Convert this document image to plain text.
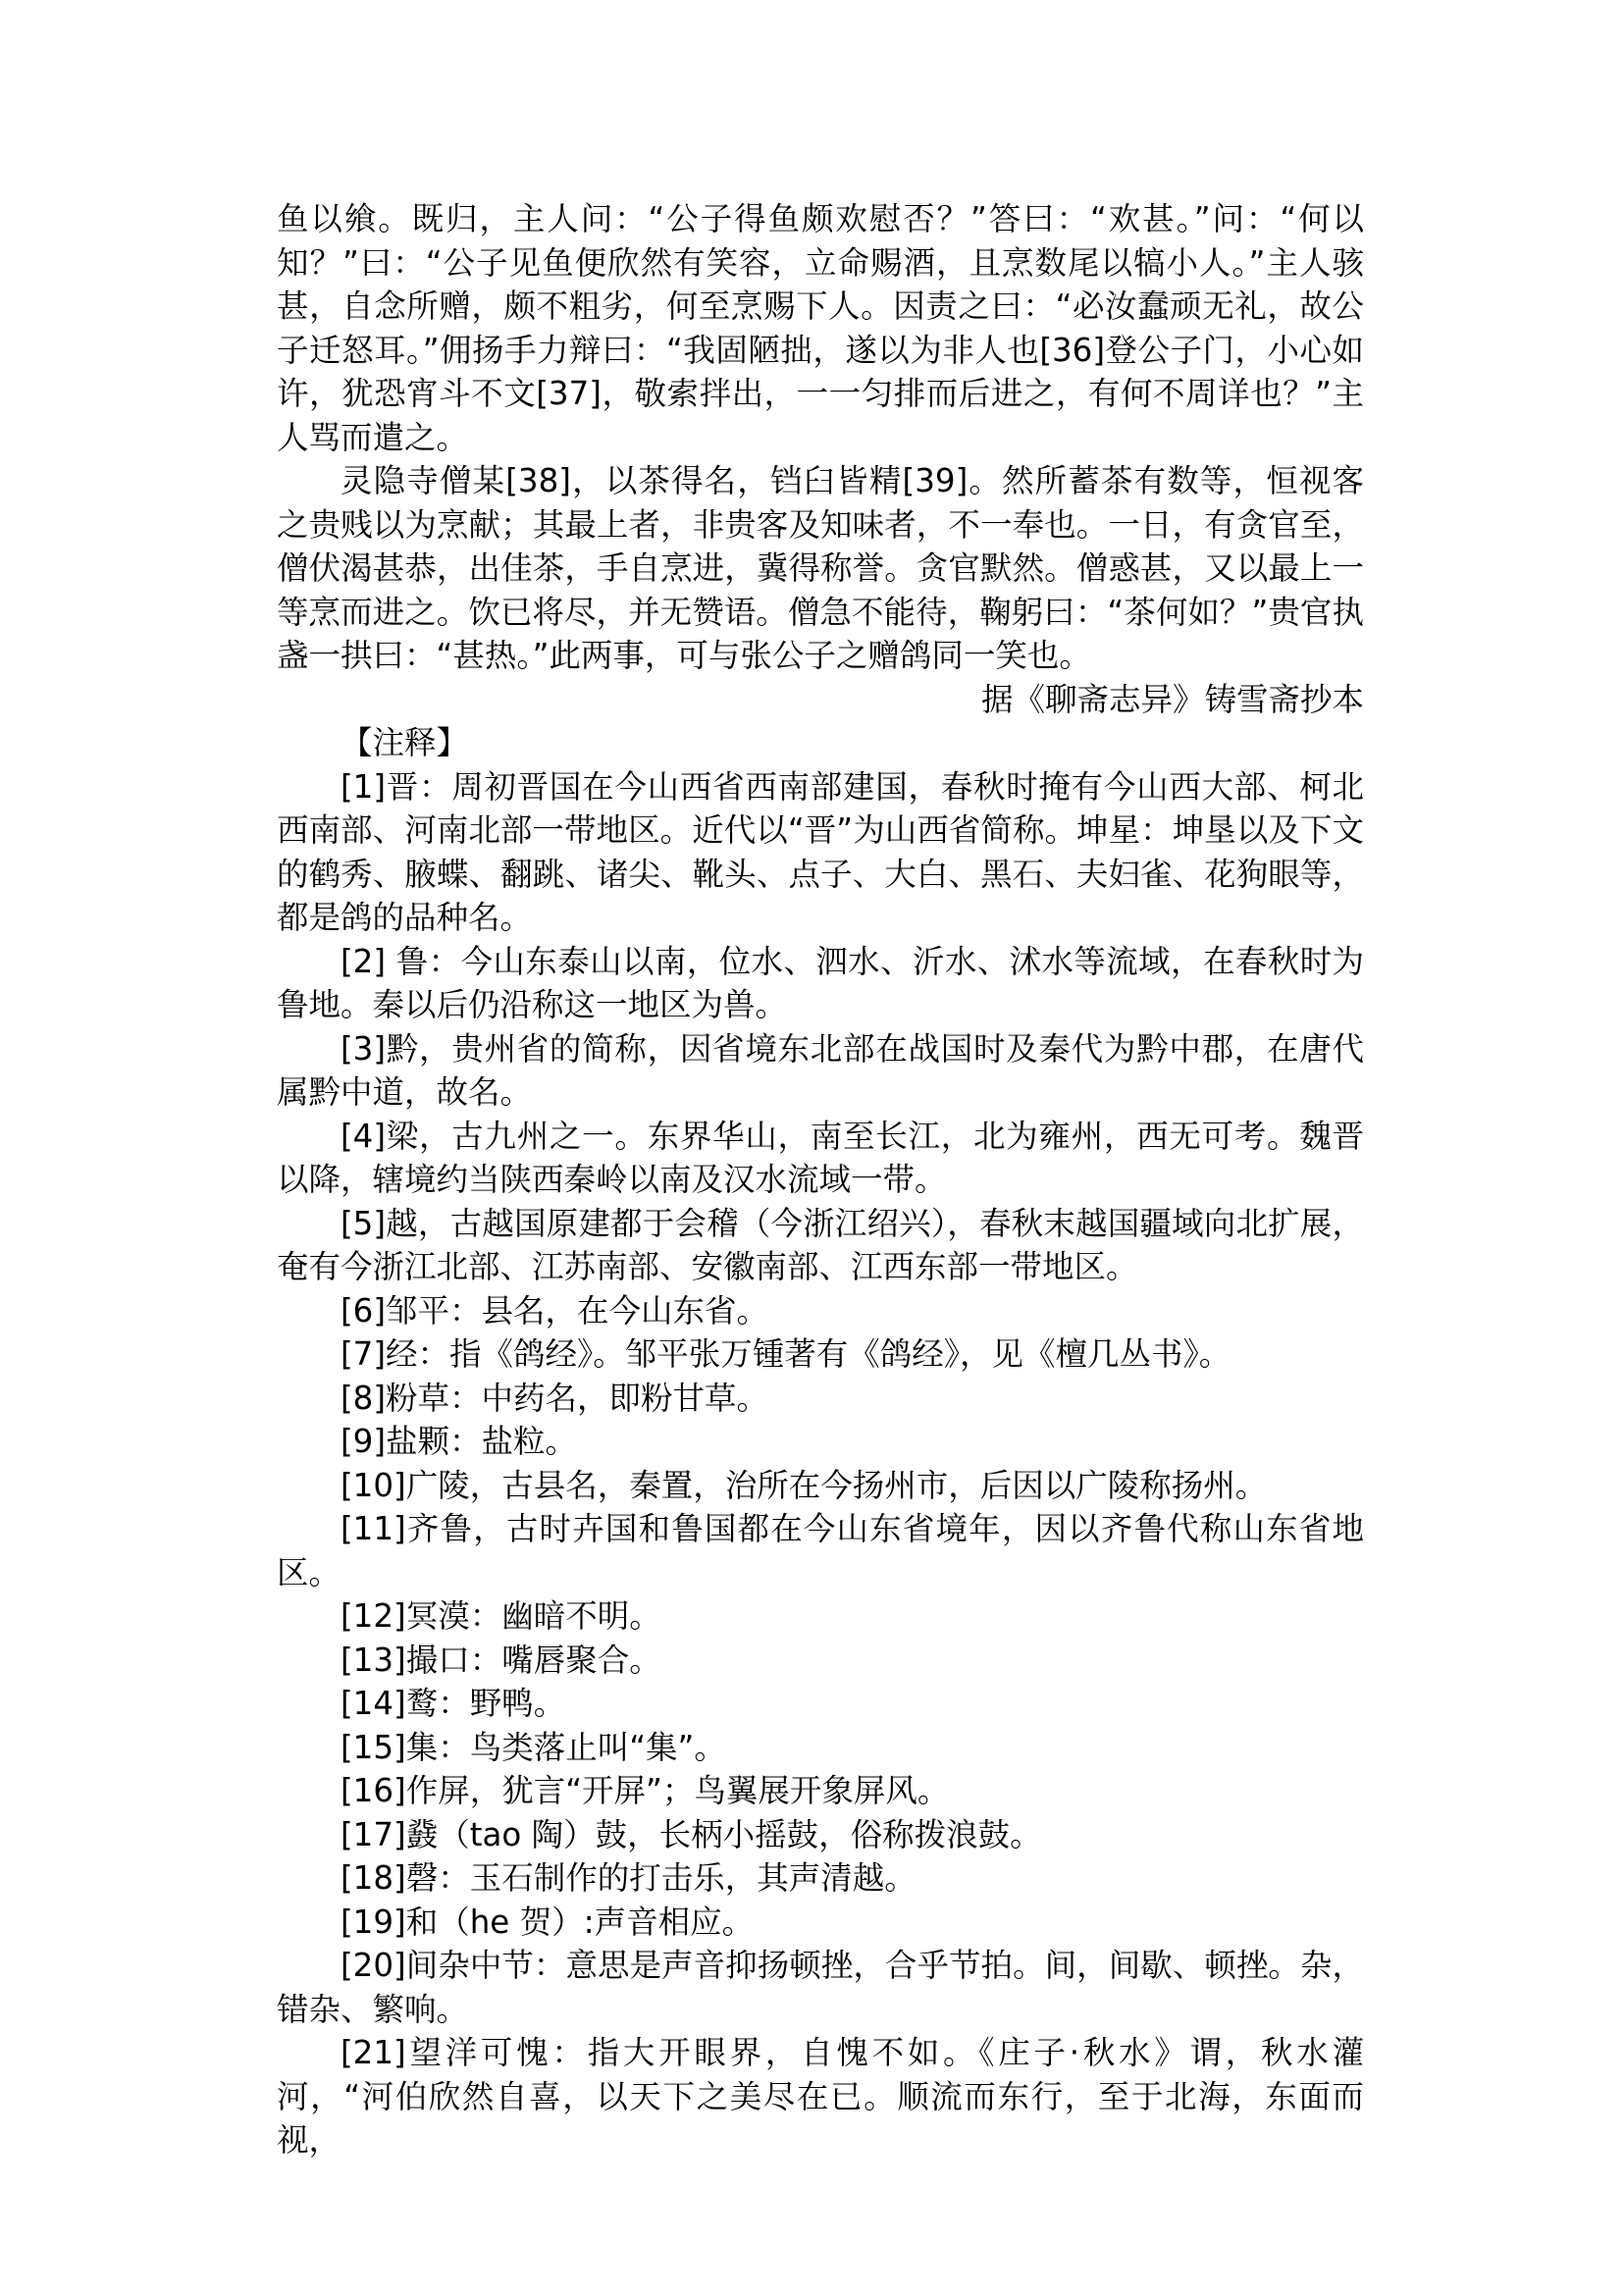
鱼以飨。既归，主人问：“公子得鱼颇欢慰否？”答曰：“欢甚。”问：“何以知？”曰：“公子见鱼便欣然有笑容，立命赐酒，且烹数尾以犒小人。”主人骇甚，自念所赠，颇不粗劣，何至烹赐下人。因责之曰：“必汝蠢顽无礼，故公子迁怒耳。”佣扬手力辩曰：“我固陋拙，遂以为非人也[36]登公子门，小心如许，犹恐宵斗不文[37]，敬索拌出，一一匀排而后进之，有何不周详也？”主人骂而遣之。

灵隐寺僧某[38]，以茶得名，铛臼皆精[39]。然所蓄茶有数等，恒视客之贵贱以为烹献；其最上者，非贵客及知味者，不一奉也。一日，有贪官至，僧伏渴甚恭，出佳茶，手自烹进，冀得称誉。贪官默然。僧惑甚，又以最上一等烹而进之。饮已将尽，并无赞语。僧急不能待，鞠躬曰：“茶何如？”贵官执盏一拱曰：“甚热。”此两事，可与张公子之赠鸽同一笑也。

据《聊斋志异》铸雪斋抄本

【注释】

[1]晋：周初晋国在今山西省西南部建国，春秋时掩有今山西大部、柯北西南部、河南北部一带地区。近代以“晋”为山西省简称。坤星：坤垦以及下文的鹤秀、腋蝶、翻跳、诸尖、靴头、点子、大白、黑石、夫妇雀、花狗眼等，都是鸽的品种名。

[2] 鲁：今山东泰山以南，位水、泗水、沂水、沭水等流域，在春秋时为鲁地。秦以后仍沿称这一地区为兽。

[3]黔，贵州省的简称，因省境东北部在战国时及秦代为黔中郡，在唐代属黔中道，故名。

[4]梁，古九州之一。东界华山，南至长江，北为雍州，西无可考。魏晋以降，辖境约当陕西秦岭以南及汉水流域一带。

[5]越，古越国原建都于会稽（今浙江绍兴），春秋末越国疆域向北扩展，奄有今浙江北部、江苏南部、安徽南部、江西东部一带地区。

[6]邹平：县名，在今山东省。

[7]经：指《鸽经》。邹平张万锺著有《鸽经》，见《檀几丛书》。

[8]粉草：中药名，即粉甘草。

[9]盐颗：盐粒。

[10]广陵，古县名，秦置，治所在今扬州市，后因以广陵称扬州。

[11]齐鲁，古时卉国和鲁国都在今山东省境年，因以齐鲁代称山东省地区。

[12]冥漠：幽暗不明。

[13]撮口：嘴唇聚合。

[14]鹜：野鸭。

[15]集：鸟类落止叫“集”。

[16]作屏，犹言“开屏”；鸟翼展开象屏风。

[17]鼗（tao 陶）鼓，长柄小摇鼓，俗称拨浪鼓。

[18]磬：玉石制作的打击乐，其声清越。

[19]和（he 贺）:声音相应。

[20]间杂中节：意思是声音抑扬顿挫，合乎节拍。间，间歇、顿挫。杂，错杂、繁响。

[21]望洋可愧：指大开眼界，自愧不如。《庄子·秋水》谓，秋水灌河，“河伯欣然自喜，以天下之美尽在已。顺流而东行，至于北海，东面而视，
